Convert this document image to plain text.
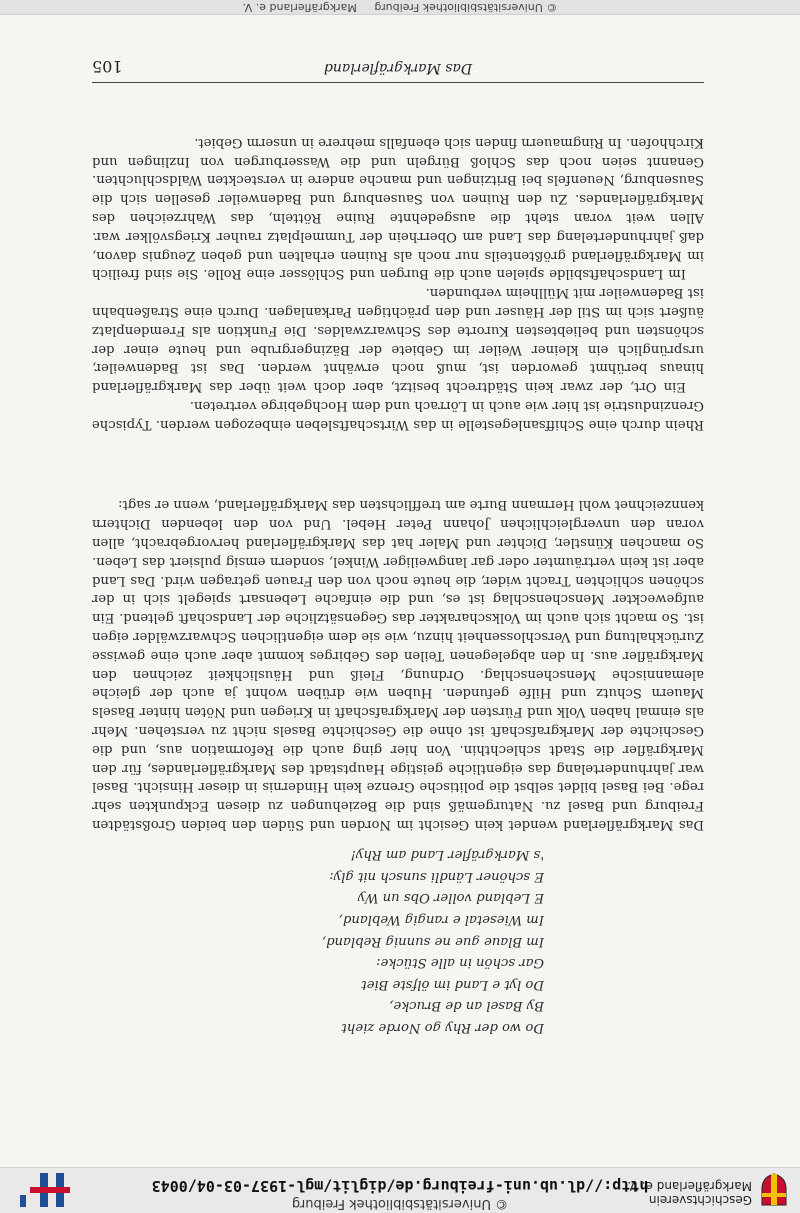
Geschichtsverein
Markgräflerland e. V.
© Universitätsbibliothek Freiburg
http://dl.ub.uni-freiburg.de/diglit/mgl-1937-03-04/0043
Do wo der Rhy go Norde zieht
By Basel an de Brucke,
Do lyt e Land im ölfste Biet
Gar schön in alle Stücke:
Im Blaue gue ne sunnig Rebland,
Im Wiesetal e rangig Webland,
E Lebland voller Obs un Wy
E schöner Ländli sunsch nit gly:
's Markgräfler Land am Rhy!

Das Markgräflerland wendet kein Gesicht im Norden und Süden den beiden Großstädten Freiburg und Basel zu. Naturgemäß sind die Beziehungen zu diesen Eckpunkten sehr rege. Bei Basel bildet selbst die politische Grenze kein Hindernis in dieser Hinsicht. Basel war jahrhundertelang das eigentliche geistige Hauptstadt des Markgräflerlandes, für den Markgräfler die Stadt schlechthin. Von hier ging auch die Reformation aus, und die Geschichte der Markgrafschaft ist ohne die Geschichte Basels nicht zu verstehen. Mehr als einmal haben Volk und Fürsten der Markgrafschaft in Kriegen und Nöten hinter Basels Mauern Schutz und Hilfe gefunden. Huben wie drüben wohnt ja auch der gleiche alemannische Menschenschlag. Ordnung, Fleiß und Häuslichkeit zeichnen den Markgräfler aus. In den abgelegenen Teilen des Gebirges kommt aber auch eine gewisse Zurückhaltung und Verschlossenheit hinzu, wie sie dem eigentlichen Schwarzwälder eigen ist. So macht sich auch im Volkscharakter das Gegensätzliche der Landschaft geltend. Ein aufgeweckter Menschenschlag ist es, und die einfache Lebensart spiegelt sich in der schönen schlichten Tracht wider, die heute noch von den Frauen getragen wird. Das Land aber ist kein verträumter oder gar langweiliger Winkel, sondern emsig pulsiert das Leben. So manchen Künstler, Dichter und Maler hat das Markgräflerland hervorgebracht, allen voran den unvergleichlichen Johann Peter Hebel. Und von den lebenden Dichtern kennzeichnet wohl Hermann Burte am trefflichsten das Markgräflerland, wenn er sagt:

Rhein durch eine Schiffsanlegestelle in das Wirtschaftsleben einbezogen werden. Typische Grenzindustrie ist hier wie auch in Lörrach und dem Hochgebirge vertreten.

Ein Ort, der zwar kein Städtrecht besitzt, aber doch weit über das Markgräflerland hinaus berühmt geworden ist, muß noch erwähnt werden. Das ist Badenweiler, ursprünglich ein kleiner Weiler im Gebiete der Bäzingergrube und heute einer der schönsten und beliebtesten Kurorte des Schwarzwaldes. Die Funktion als Fremdenplatz äußert sich im Stil der Häuser und den prächtigen Parkanlagen. Durch eine Straßenbahn ist Badenweiler mit Müllheim verbunden.

Im Landschaftsbilde spielen auch die Burgen und Schlösser eine Rolle. Sie sind freilich im Markgräflerland größtenteils nur noch als Ruinen erhalten und geben Zeugnis davon, daß jahrhundertelang das Land am Oberrhein der Tummelplatz rauher Kriegsvölker war. Allen weit voran steht die ausgedehnte Ruine Rötteln, das Wahrzeichen des Markgräflerlandes. Zu den Ruinen von Sausenburg und Badenweiler gesellen sich die Sausenburg, Neuenfels bei Britzingen und manche andere in versteckten Waldschluchten. Genannt seien noch das Schloß Bürgeln und die Wasserburgen von Inzlingen und Kirchhofen. In Ringmauern finden sich ebenfalls mehrere in unserm Gebiet.

Das Markgräflerland
105
© Universitätsbibliothek Freiburg     Markgräflerland e. V.
